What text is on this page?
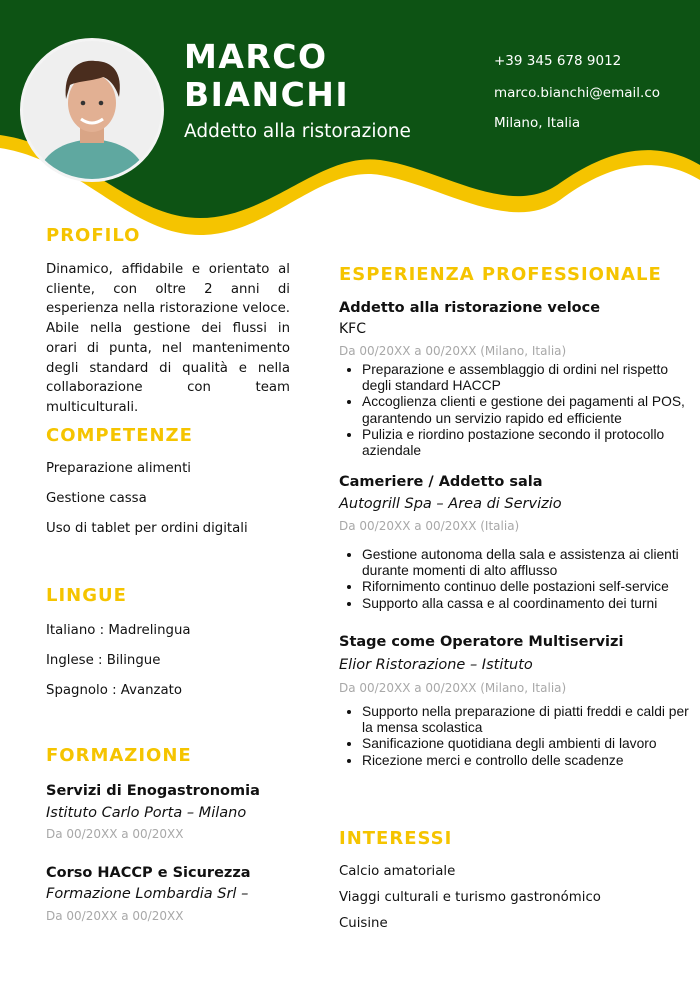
MARCO
BIANCHI
Addetto alla ristorazione
+39 345 678 9012
marco.bianchi@email.co
Milano, Italia
PROFILO
Dinamico, affidabile e orientato al cliente, con oltre 2 anni di esperienza nella ristorazione veloce. Abile nella gestione dei flussi in orari di punta, nel mantenimento degli standard di qualità e nella collaborazione con team multiculturali.
COMPETENZE
Preparazione alimenti
Gestione cassa
Uso di tablet per ordini digitali
LINGUE
Italiano : Madrelingua
Inglese : Bilingue
Spagnolo : Avanzato
FORMAZIONE
Servizi di Enogastronomia
Istituto Carlo Porta – Milano
Da 00/20XX a 00/20XX
Corso HACCP e Sicurezza
Formazione Lombardia Srl –
Da 00/20XX a 00/20XX
ESPERIENZA PROFESSIONALE
Addetto alla ristorazione veloce
KFC
Da 00/20XX a 00/20XX (Milano, Italia)
• Preparazione e assemblaggio di ordini nel rispetto degli standard HACCP
• Accoglienza clienti e gestione dei pagamenti al POS, garantendo un servizio rapido ed efficiente
• Pulizia e riordino postazione secondo il protocollo aziendale
Cameriere / Addetto sala
Autogrill Spa – Area di Servizio
Da 00/20XX a 00/20XX (Italia)
• Gestione autonoma della sala e assistenza ai clienti durante momenti di alto afflusso
• Rifornimento continuo delle postazioni self-service
• Supporto alla cassa e al coordinamento dei turni
Stage come Operatore Multiservizi
Elior Ristorazione – Istituto
Da 00/20XX a 00/20XX (Milano, Italia)
• Supporto nella preparazione di piatti freddi e caldi per la mensa scolastica
• Sanificazione quotidiana degli ambienti di lavoro
• Ricezione merci e controllo delle scadenze
INTERESSI
Calcio amatoriale
Viaggi culturali e turismo gastronómico
Cuisine
